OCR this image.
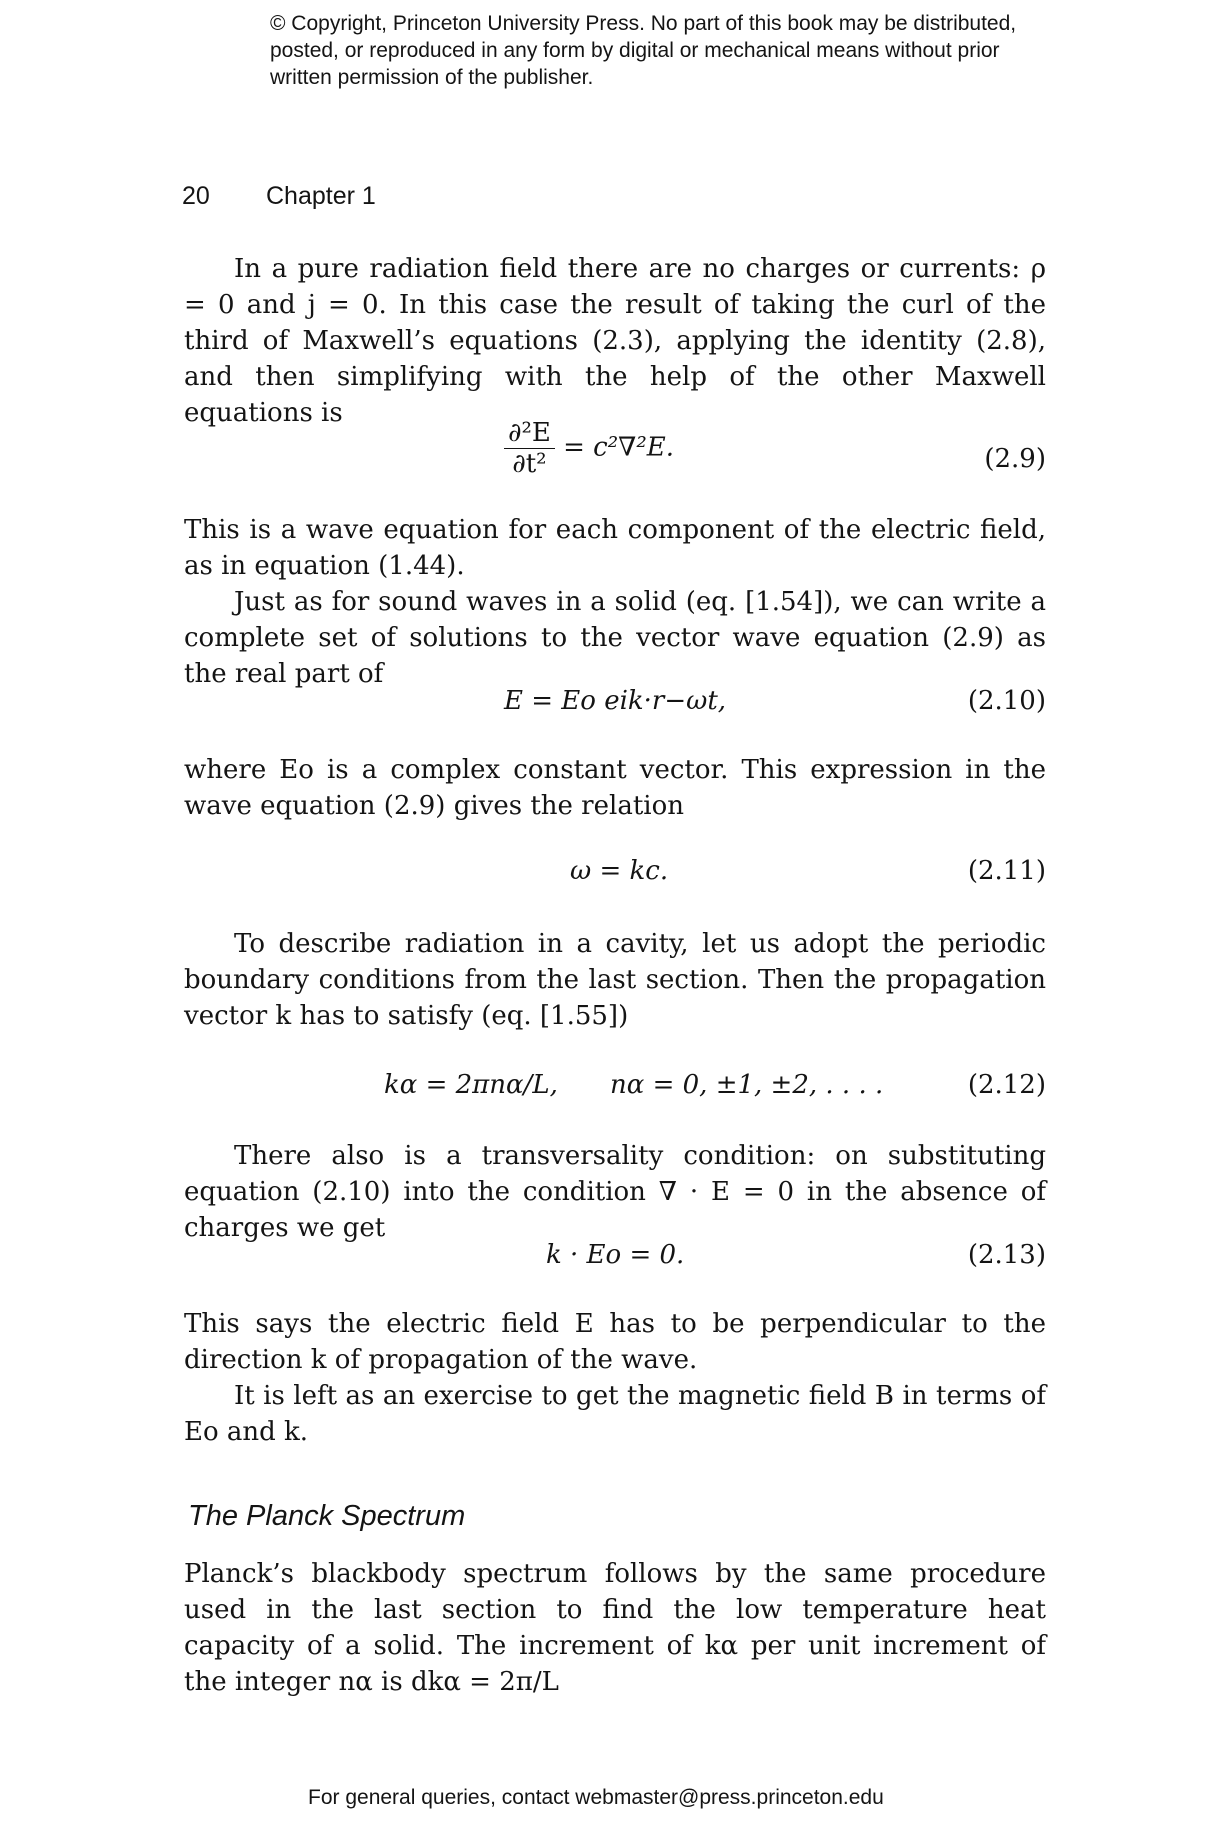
© Copyright, Princeton University Press. No part of this book may be distributed, posted, or reproduced in any form by digital or mechanical means without prior written permission of the publisher.
20 Chapter 1
In a pure radiation field there are no charges or currents: ρ = 0 and j = 0. In this case the result of taking the curl of the third of Maxwell’s equations (2.3), applying the identity (2.8), and then simplifying with the help of the other Maxwell equations is
$\frac{\text{∂²E}}{\text{∂t²}} = c^2\nabla^2E$.	(2.9)
This is a wave equation for each component of the electric field, as in equation (1.44).
Just as for sound waves in a solid (eq. [1.54]), we can write a complete set of solutions to the vector wave equation (2.9) as the real part of
E = Eo eik·r−ωt,	(2.10)
where Eo is a complex constant vector. This expression in the wave equation (2.9) gives the relation
ω = kc.	(2.11)
To describe radiation in a cavity, let us adopt the periodic boundary conditions from the last section. Then the propagation vector k has to satisfy (eq. [1.55])
kα = 2πnα/L, nα = 0, ±1, ±2, . . . .	(2.12)
There also is a transversality condition: on substituting equation (2.10) into the condition ∇ · E = 0 in the absence of charges we get
k · Eo = 0.	(2.13)
This says the electric field E has to be perpendicular to the direction k of propagation of the wave.
It is left as an exercise to get the magnetic field B in terms of Eo and k.
The Planck Spectrum
Planck’s blackbody spectrum follows by the same procedure used in the last section to find the low temperature heat capacity of a solid. The increment of kα per unit increment of the integer nα is dkα = 2π/L
For general queries, contact webmaster@press.princeton.edu
